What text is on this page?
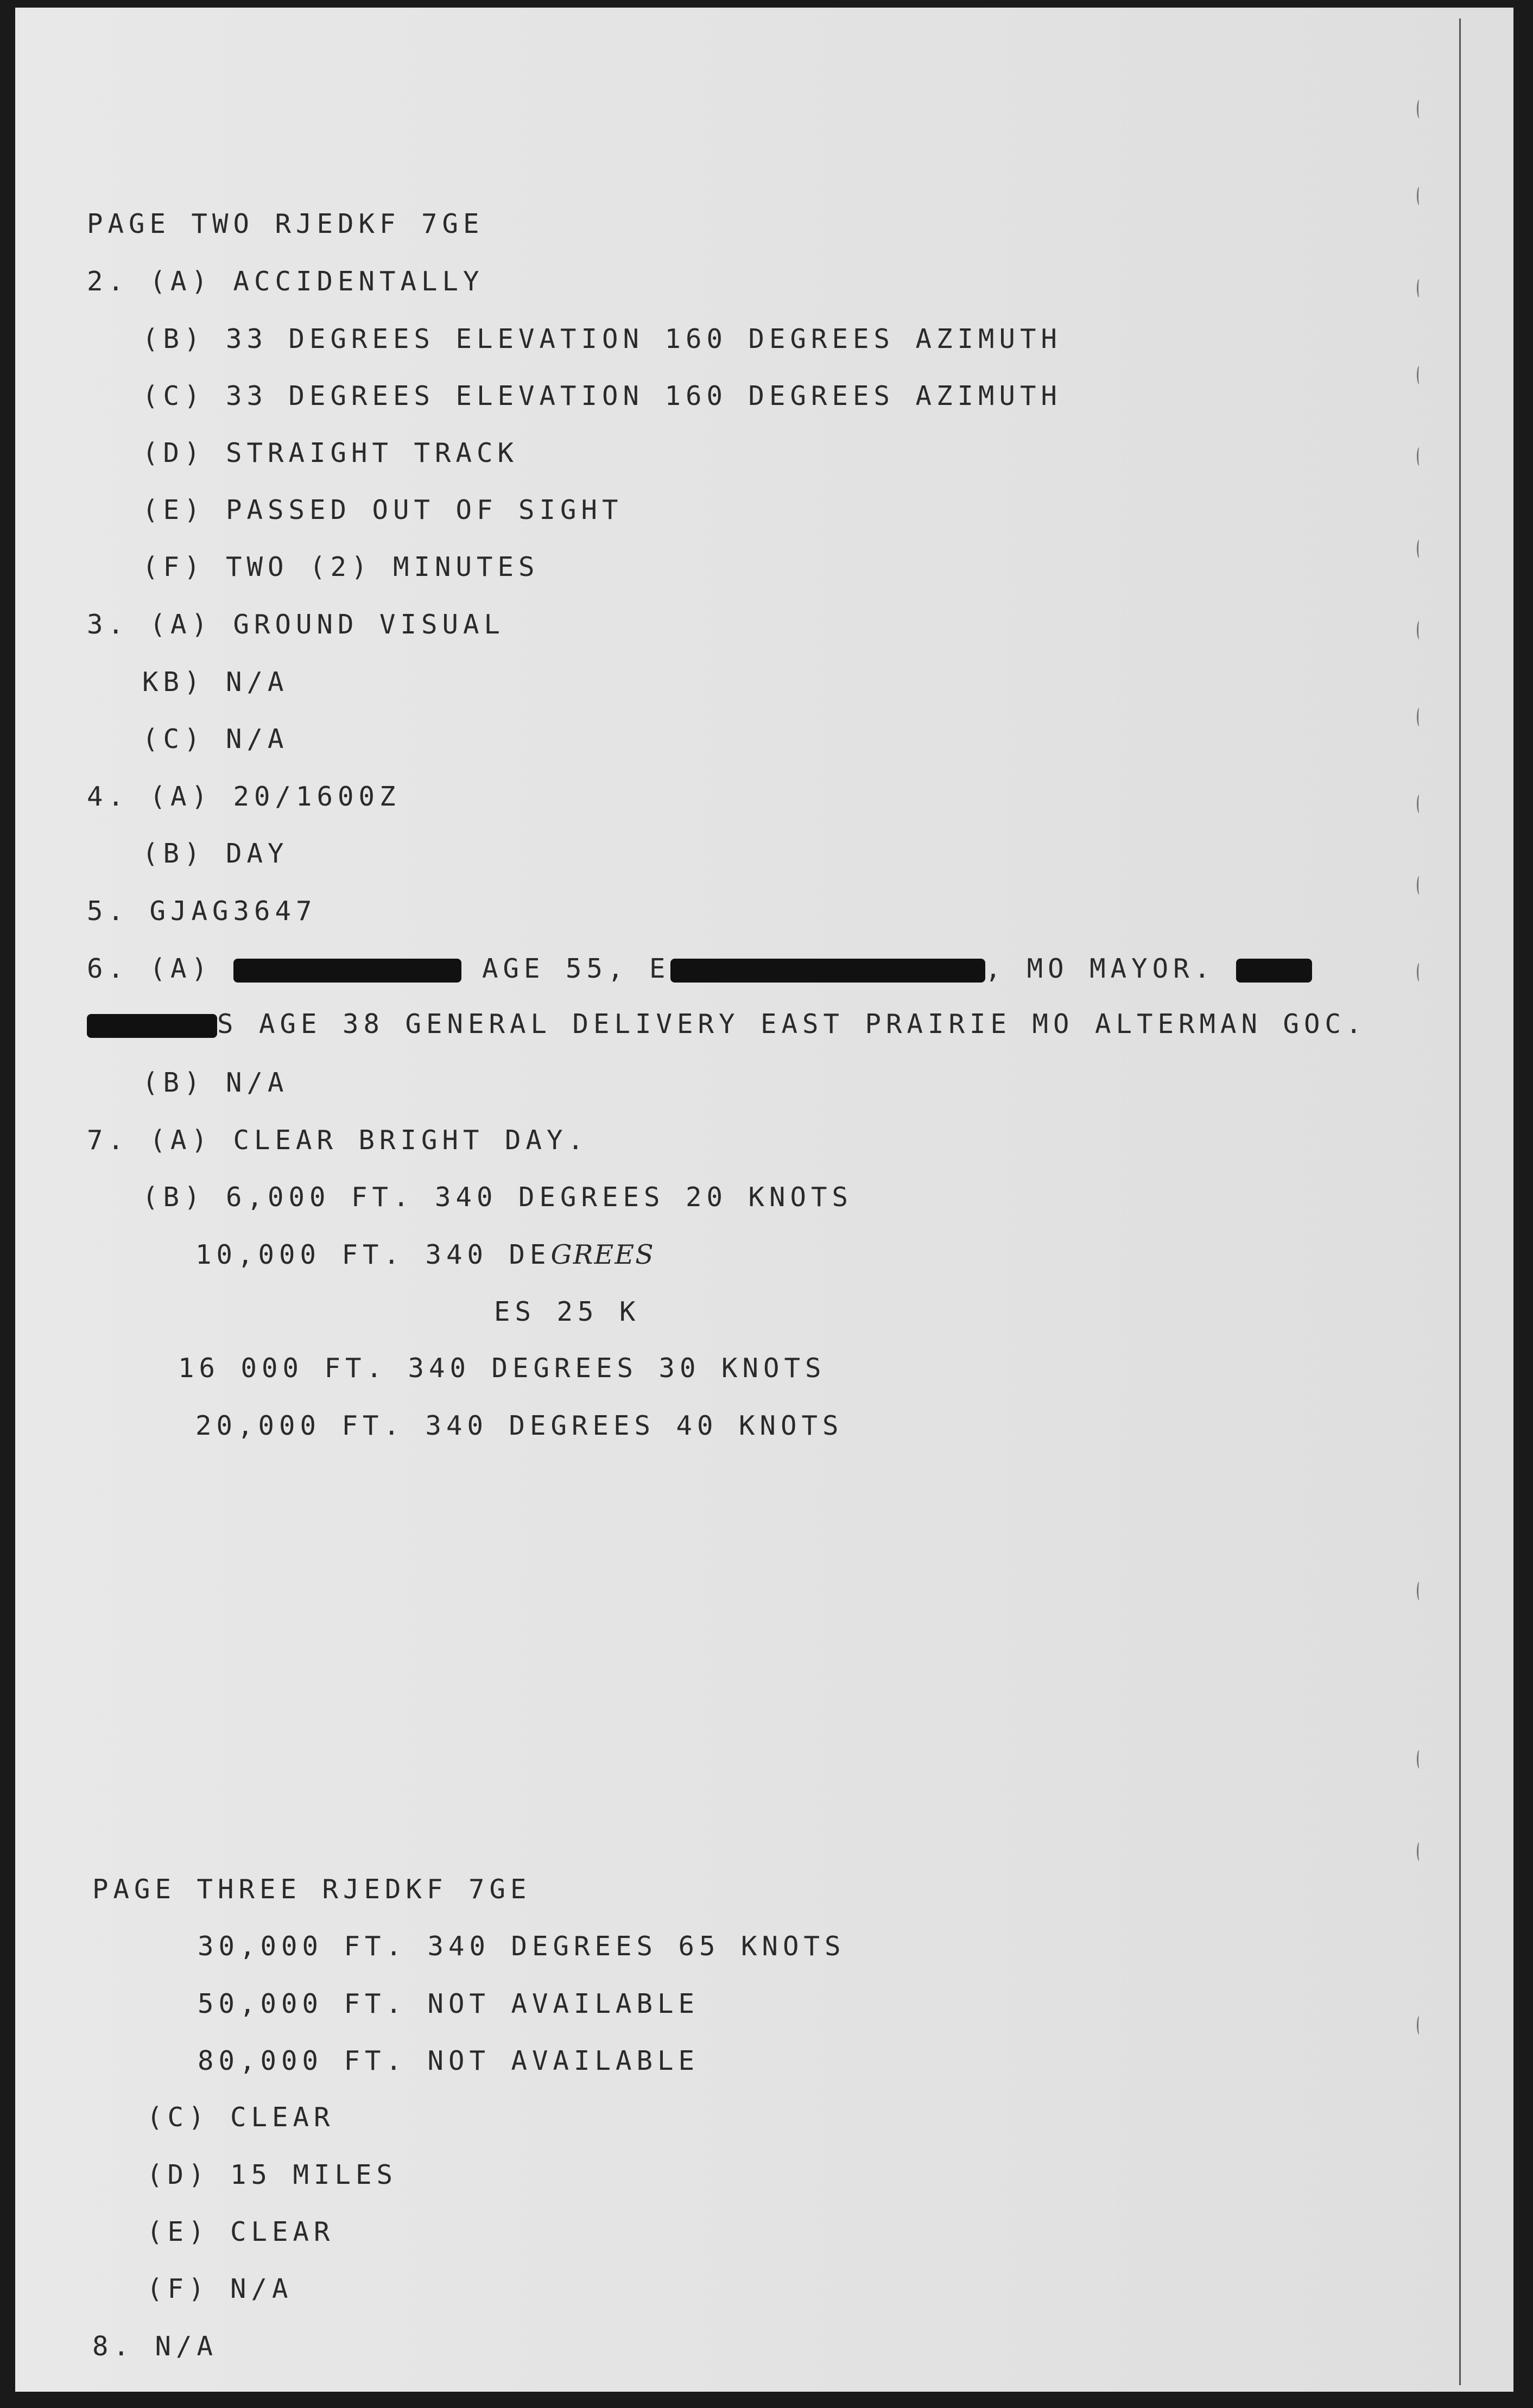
PAGE TWO RJEDKF 7GE
2. (A) ACCIDENTALLY
(B) 33 DEGREES ELEVATION 160 DEGREES AZIMUTH
(C) 33 DEGREES ELEVATION 160 DEGREES AZIMUTH
(D) STRAIGHT TRACK
(E) PASSED OUT OF SIGHT
(F) TWO (2) MINUTES
3. (A) GROUND VISUAL
KB) N/A
(C) N/A
4. (A) 20/1600Z
(B) DAY
5. GJAG3647
6. (A)	AGE 55, E	, MO MAYOR.
S AGE 38 GENERAL DELIVERY EAST PRAIRIE MO ALTERMAN GOC.
(B) N/A
7. (A) CLEAR BRIGHT DAY.
(B) 6,000 FT. 340 DEGREES 20 KNOTS
10,000 FT. 340 DEGREES
ES 25 K
16 000 FT. 340 DEGREES 30 KNOTS
20,000 FT. 340 DEGREES 40 KNOTS
PAGE THREE RJEDKF 7GE
30,000 FT. 340 DEGREES 65 KNOTS
50,000 FT. NOT AVAILABLE
80,000 FT. NOT AVAILABLE
(C) CLEAR
(D) 15 MILES
(E) CLEAR
(F) N/A
8. N/A
